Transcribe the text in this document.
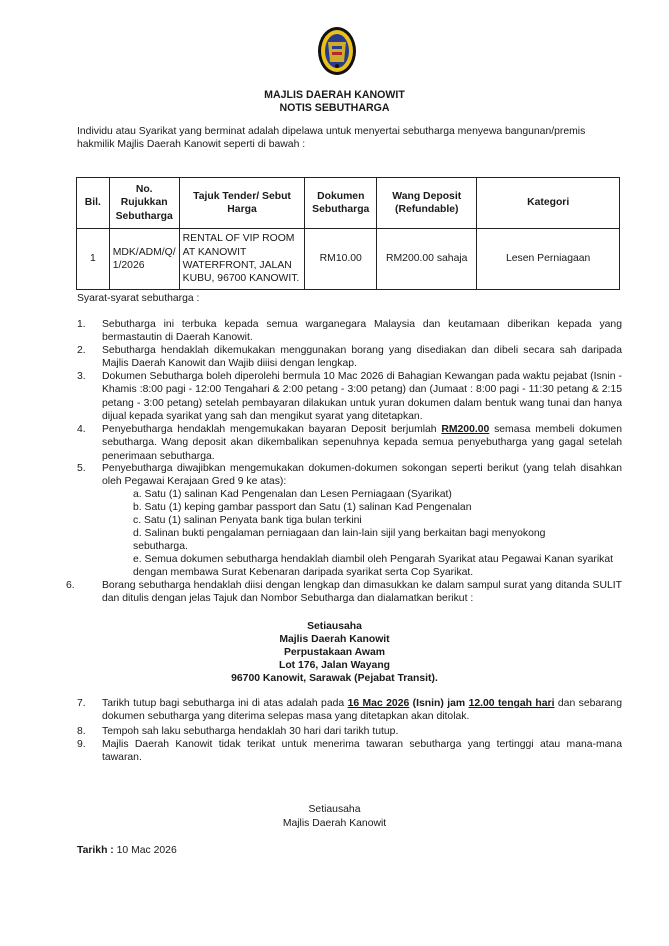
MAJLIS DAERAH KANOWIT
NOTIS SEBUTHARGA
Individu atau Syarikat yang berminat adalah dipelawa untuk menyertai sebutharga menyewa bangunan/premis hakmilik Majlis Daerah Kanowit seperti di bawah :
Bil.	No. Rujukkan Sebutharga	Tajuk Tender/ Sebut Harga	Dokumen Sebutharga	Wang Deposit (Refundable)	Kategori
1	MDK/ADM/Q/ 1/2026	RENTAL OF VIP ROOM AT KANOWIT WATERFRONT, JALAN KUBU, 96700 KANOWIT.	RM10.00	RM200.00 sahaja	Lesen Perniagaan
Syarat-syarat sebutharga :
1. Sebutharga ini terbuka kepada semua warganegara Malaysia dan keutamaan diberikan kepada yang bermastautin di Daerah Kanowit.
2. Sebutharga hendaklah dikemukakan menggunakan borang yang disediakan dan dibeli secara sah daripada Majlis Daerah Kanowit dan Wajib diiisi dengan lengkap.
3. Dokumen Sebutharga boleh diperolehi bermula 10 Mac 2026 di Bahagian Kewangan pada waktu pejabat (Isnin - Khamis :8:00 pagi - 12:00 Tengahari & 2:00 petang - 3:00 petang) dan (Jumaat : 8:00 pagi - 11:30 petang & 2:15 petang - 3:00 petang) setelah pembayaran dilakukan untuk yuran dokumen dalam bentuk wang tunai dan hanya dijual kepada syarikat yang sah dan mengikut syarat yang ditetapkan.
4. Penyebutharga hendaklah mengemukakan bayaran Deposit berjumlah RM200.00 semasa membeli dokumen sebutharga. Wang deposit akan dikembalikan sepenuhnya kepada semua penyebutharga yang gagal setelah penerimaan sebutharga.
5. Penyebutharga diwajibkan mengemukakan dokumen-dokumen sokongan seperti berikut (yang telah disahkan oleh Pegawai Kerajaan Gred 9 ke atas):
a. Satu (1) salinan Kad Pengenalan dan Lesen Perniagaan (Syarikat)
b. Satu (1) keping gambar passport dan Satu (1) salinan Kad Pengenalan
c. Satu (1) salinan Penyata bank tiga bulan terkini
d. Salinan bukti pengalaman perniagaan dan lain-lain sijil yang berkaitan bagi menyokong sebutharga.
e. Semua dokumen sebutharga hendaklah diambil oleh Pengarah Syarikat atau Pegawai Kanan syarikat dengan membawa Surat Kebenaran daripada syarikat serta Cop Syarikat.
6.	Borang sebutharga hendaklah diisi dengan lengkap dan dimasukkan ke dalam sampul surat yang ditanda SULIT dan ditulis dengan jelas Tajuk dan Nombor Sebutharga dan dialamatkan berikut :
Setiausaha
Majlis Daerah Kanowit
Perpustakaan Awam
Lot 176, Jalan Wayang
96700 Kanowit, Sarawak (Pejabat Transit).
7. Tarikh tutup bagi sebutharga ini di atas adalah pada 16 Mac 2026 (Isnin) jam 12.00 tengah hari dan sebarang dokumen sebutharga yang diterima selepas masa yang ditetapkan akan ditolak.
8. Tempoh sah laku sebutharga hendaklah 30 hari dari tarikh tutup.
9. Majlis Daerah Kanowit tidak terikat untuk menerima tawaran sebutharga yang tertinggi atau mana-mana tawaran.
Setiausaha
Majlis Daerah Kanowit
Tarikh : 10 Mac 2026
